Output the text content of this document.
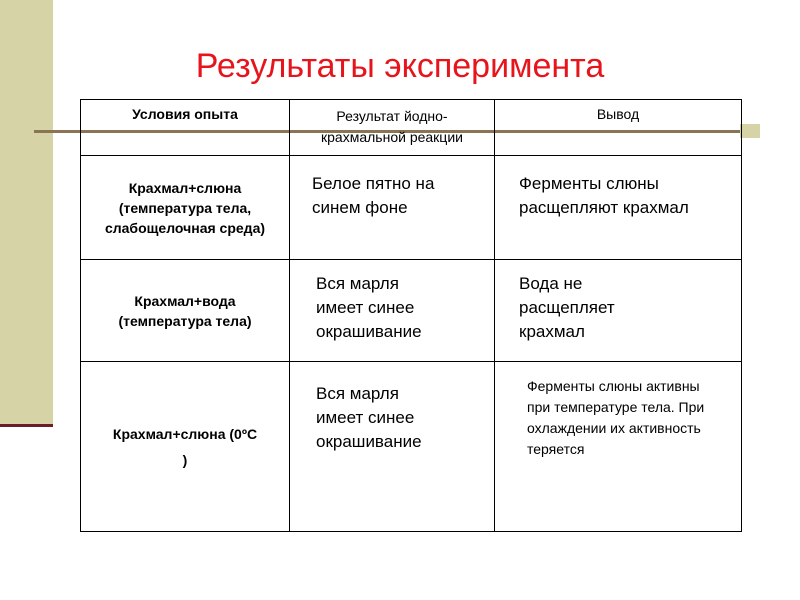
Результаты эксперимента
Условия опыта	Результат йодно-крахмальной реакции	Вывод
Крахмал+слюна (температура тела, слабощелочная среда)	Белое пятно на синем фоне	Ферменты слюны расщепляют крахмал

Крахмал+вода (температура тела)	Вся марля имеет синее окрашивание	Вода не расщепляет крахмал

Крахмал+слюна (0ºС )	Вся марля имеет синее окрашивание	Ферменты слюны активны при температуре тела. При охлаждении их активность теряется
